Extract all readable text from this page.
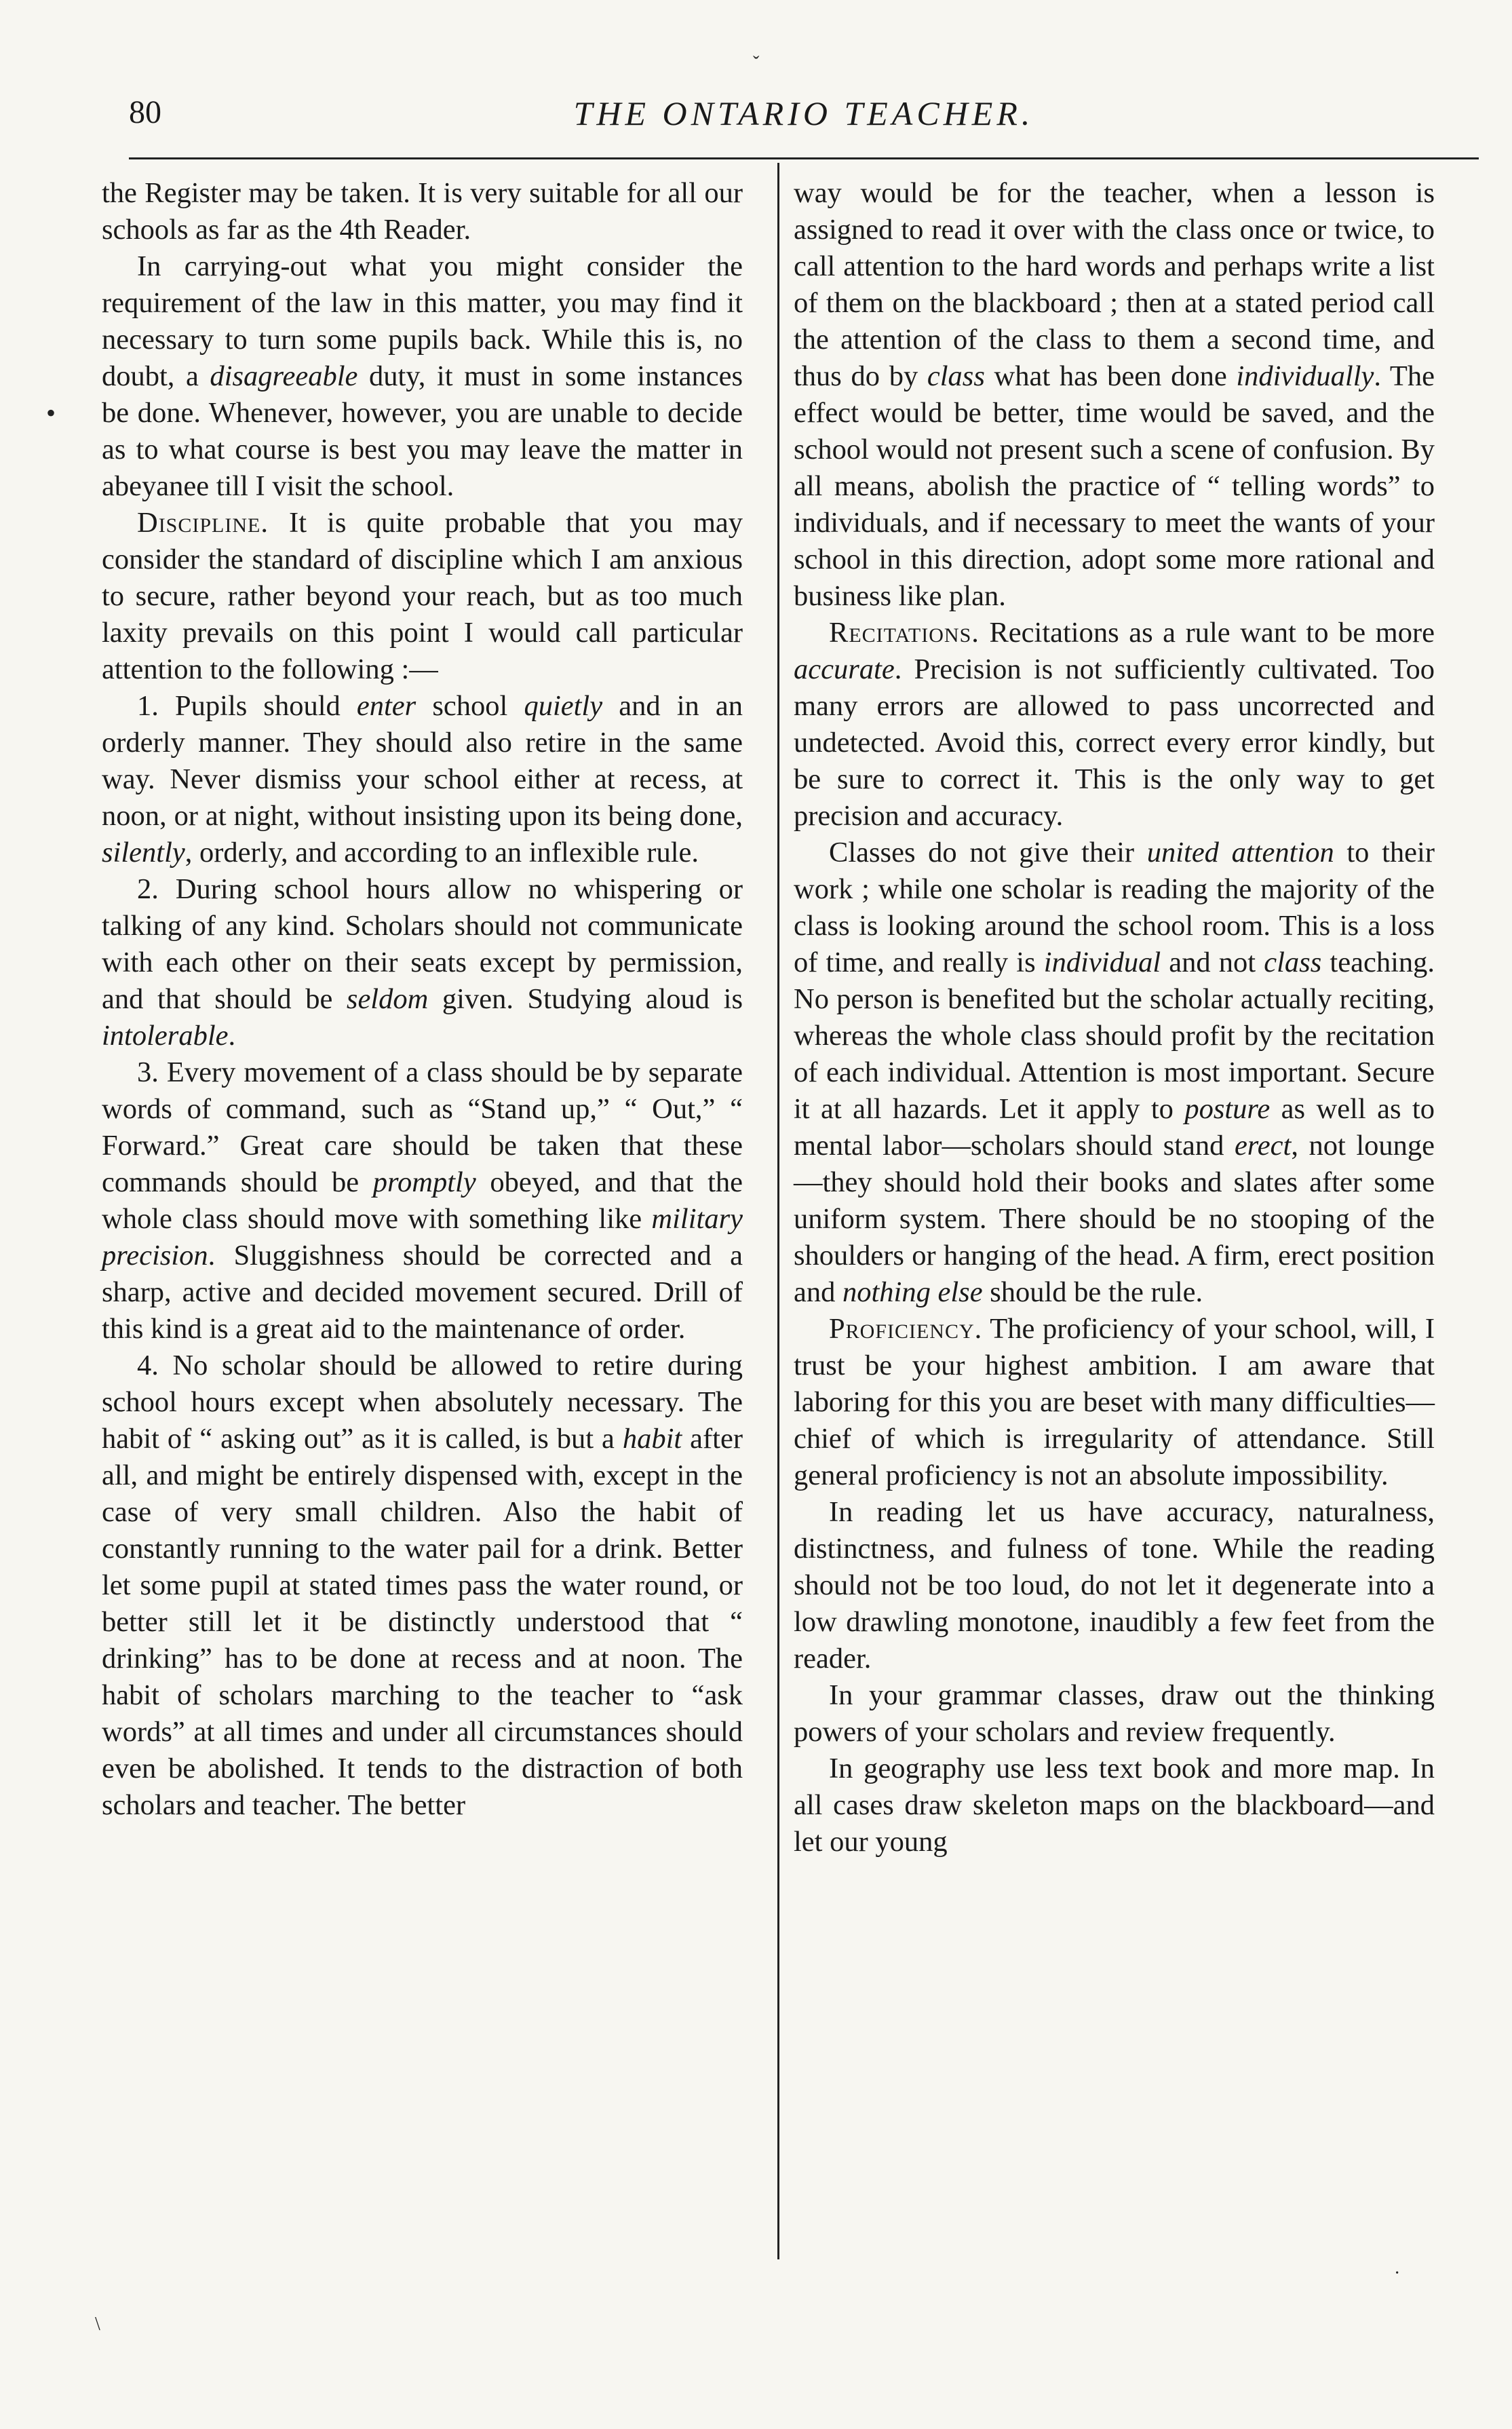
80	THE ONTARIO TEACHER.

the Register may be taken. It is very suitable for all our schools as far as the 4th Reader.

In carrying-out what you might consider the requirement of the law in this matter, you may find it necessary to turn some pupils back. While this is, no doubt, a disagreeable duty, it must in some instances be done. Whenever, however, you are unable to decide as to what course is best you may leave the matter in abeyanee till I visit the school.

Discipline. It is quite probable that you may consider the standard of discipline which I am anxious to secure, rather beyond your reach, but as too much laxity prevails on this point I would call particular attention to the following :—

1. Pupils should enter school quietly and in an orderly manner. They should also retire in the same way. Never dismiss your school either at recess, at noon, or at night, without insisting upon its being done, silently, orderly, and according to an inflexible rule.

2. During school hours allow no whispering or talking of any kind. Scholars should not communicate with each other on their seats except by permission, and that should be seldom given. Studying aloud is intolerable.

3. Every movement of a class should be by separate words of command, such as “Stand up,” “ Out,” “ Forward.” Great care should be taken that these commands should be promptly obeyed, and that the whole class should move with something like military precision. Sluggishness should be corrected and a sharp, active and decided movement secured. Drill of this kind is a great aid to the maintenance of order.

4. No scholar should be allowed to retire during school hours except when absolutely necessary. The habit of “ asking out” as it is called, is but a habit after all, and might be entirely dispensed with, except in the case of very small children. Also the habit of constantly running to the water pail for a drink. Better let some pupil at stated times pass the water round, or better still let it be distinctly understood that “ drinking” has to be done at recess and at noon. The habit of scholars marching to the teacher to “ask words” at all times and under all circumstances should even be abolished. It tends to the distraction of both scholars and teacher. The better

way would be for the teacher, when a lesson is assigned to read it over with the class once or twice, to call attention to the hard words and perhaps write a list of them on the blackboard ; then at a stated period call the attention of the class to them a second time, and thus do by class what has been done individually. The effect would be better, time would be saved, and the school would not present such a scene of confusion. By all means, abolish the practice of “ telling words” to individuals, and if necessary to meet the wants of your school in this direction, adopt some more rational and business like plan.

Recitations. Recitations as a rule want to be more accurate. Precision is not sufficiently cultivated. Too many errors are allowed to pass uncorrected and undetected. Avoid this, correct every error kindly, but be sure to correct it. This is the only way to get precision and accuracy.

Classes do not give their united attention to their work ; while one scholar is reading the majority of the class is looking around the school room. This is a loss of time, and really is individual and not class teaching. No person is benefited but the scholar actually reciting, whereas the whole class should profit by the recitation of each individual. Attention is most important. Secure it at all hazards. Let it apply to posture as well as to mental labor—scholars should stand erect, not lounge—they should hold their books and slates after some uniform system. There should be no stooping of the shoulders or hanging of the head. A firm, erect position and nothing else should be the rule.

Proficiency. The proficiency of your school, will, I trust be your highest ambition. I am aware that laboring for this you are beset with many difficulties—chief of which is irregularity of attendance. Still general proficiency is not an absolute impossibility.

In reading let us have accuracy, naturalness, distinctness, and fulness of tone. While the reading should not be too loud, do not let it degenerate into a low drawling monotone, inaudibly a few feet from the reader.

In your grammar classes, draw out the thinking powers of your scholars and review frequently.

In geography use less text book and more map. In all cases draw skeleton maps on the blackboard—and let our young

•
ˇ
\
·
